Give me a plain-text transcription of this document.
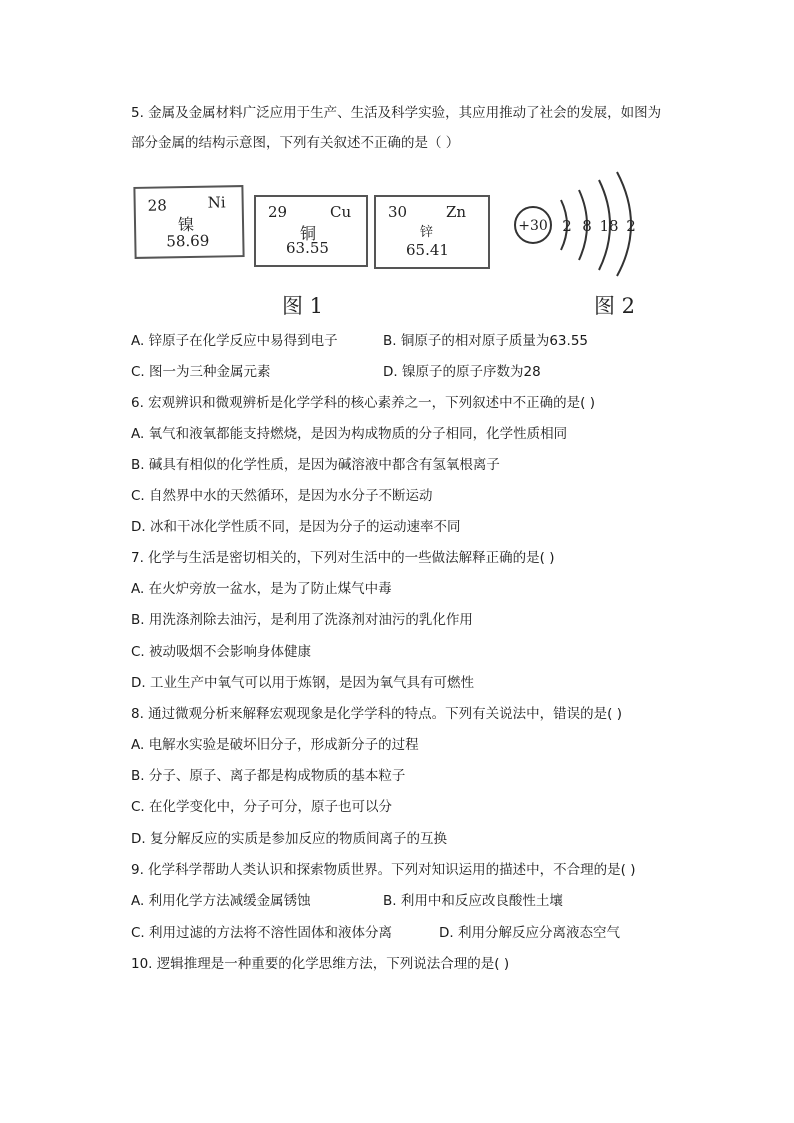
5. 金属及金属材料广泛应用于生产、生活及科学实验，其应用推动了社会的发展，如图为
部分金属的结构示意图，下列有关叙述不正确的是（ ）
28	Ni
镍
58.69
29	Cu
铜
63.55
30	Zn
锌
65.41
+30 2 8 18 2
图 1	图 2
A. 锌原子在化学反应中易得到电子	B. 铜原子的相对原子质量为63.55
C. 图一为三种金属元素	D. 镍原子的原子序数为28
6. 宏观辨识和微观辨析是化学学科的核心素养之一，下列叙述中不正确的是( )
A. 氧气和液氧都能支持燃烧，是因为构成物质的分子相同，化学性质相同
B. 碱具有相似的化学性质，是因为碱溶液中都含有氢氧根离子
C. 自然界中水的天然循环，是因为水分子不断运动
D. 冰和干冰化学性质不同，是因为分子的运动速率不同
7. 化学与生活是密切相关的，下列对生活中的一些做法解释正确的是( )
A. 在火炉旁放一盆水，是为了防止煤气中毒
B. 用洗涤剂除去油污，是利用了洗涤剂对油污的乳化作用
C. 被动吸烟不会影响身体健康
D. 工业生产中氧气可以用于炼钢，是因为氧气具有可燃性
8. 通过微观分析来解释宏观现象是化学学科的特点。下列有关说法中，错误的是( )
A. 电解水实验是破坏旧分子，形成新分子的过程
B. 分子、原子、离子都是构成物质的基本粒子
C. 在化学变化中，分子可分，原子也可以分
D. 复分解反应的实质是参加反应的物质间离子的互换
9. 化学科学帮助人类认识和探索物质世界。下列对知识运用的描述中，不合理的是( )
A. 利用化学方法减缓金属锈蚀	B. 利用中和反应改良酸性土壤
C. 利用过滤的方法将不溶性固体和液体分离	D. 利用分解反应分离液态空气
10. 逻辑推理是一种重要的化学思维方法，下列说法合理的是( )
